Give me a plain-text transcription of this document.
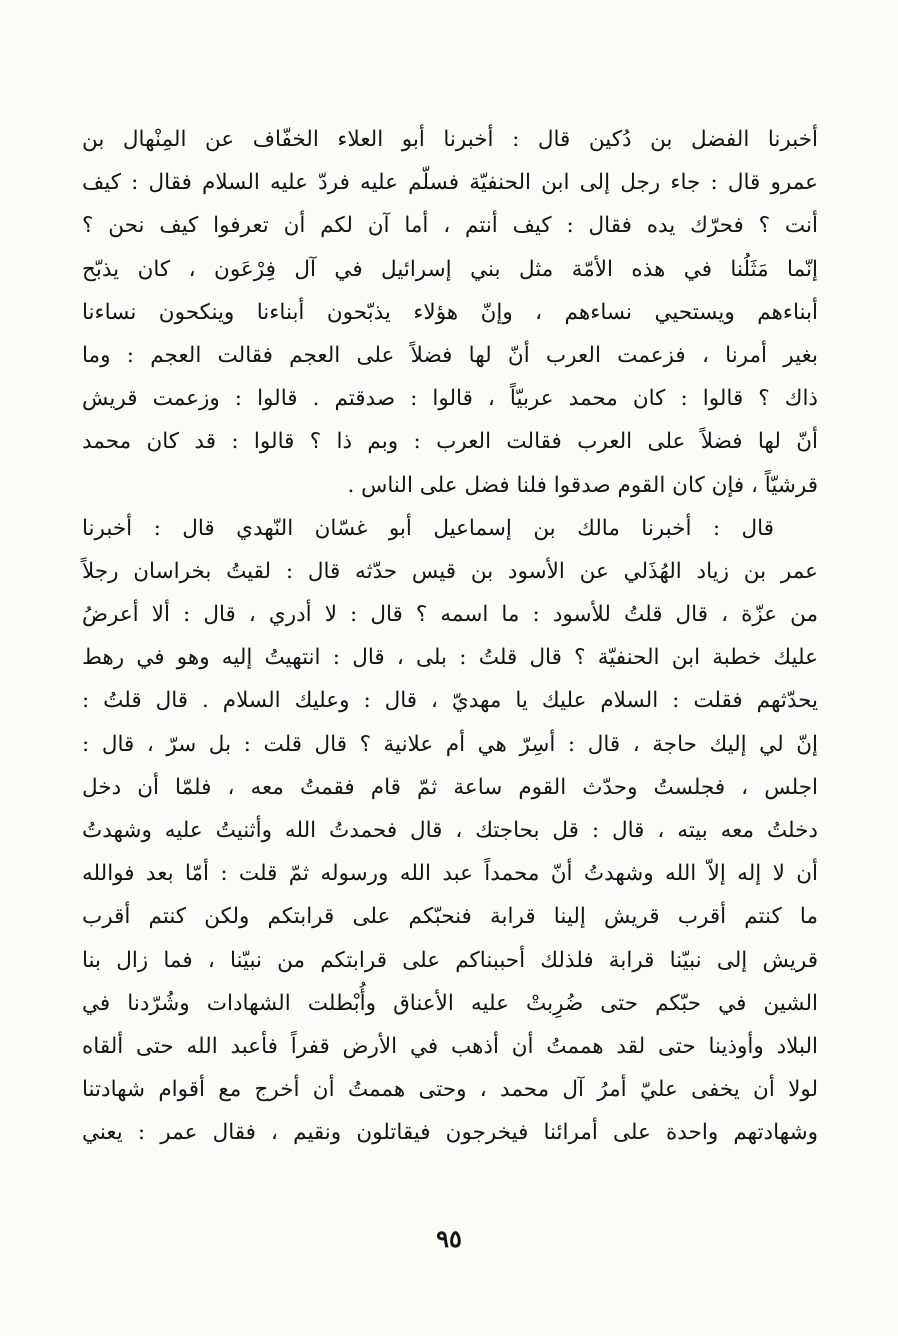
أخبرنا الفضل بن دُكين قال : أخبرنا أبو العلاء الخفّاف عن المِنْهال بن
عمرو قال : جاء رجل إلى ابن الحنفيّة فسلّم عليه فردّ عليه السلام فقال : كيف
أنت ؟ فحرّك يده فقال : كيف أنتم ، أما آن لكم أن تعرفوا كيف نحن ؟
إنّما مَثَلُنا في هذه الأمّة مثل بني إسرائيل في آل فِرْعَون ، كان يذبّح
أبناءهم ويستحيي نساءهم ، وإنّ هؤلاء يذبّحون أبناءنا وينكحون نساءنا
بغير أمرنا ، فزعمت العرب أنّ لها فضلاً على العجم فقالت العجم : وما
ذاك ؟ قالوا : كان محمد عربيّاً ، قالوا : صدقتم . قالوا : وزعمت قريش
أنّ لها فضلاً على العرب فقالت العرب : وبم ذا ؟ قالوا : قد كان محمد
قرشيّاً ، فإن كان القوم صدقوا فلنا فضل على الناس .
قال : أخبرنا مالك بن إسماعيل أبو غسّان النّهدي قال : أخبرنا
عمر بن زياد الهُذَلي عن الأسود بن قيس حدّثه قال : لقيتُ بخراسان رجلاً
من عزّة ، قال قلتُ للأسود : ما اسمه ؟ قال : لا أدري ، قال : ألا أعرضُ
عليك خطبة ابن الحنفيّة ؟ قال قلتُ : بلى ، قال : انتهيتُ إليه وهو في رهط
يحدّثهم فقلت : السلام عليك يا مهديّ ، قال : وعليك السلام . قال قلتُ :
إنّ لي إليك حاجة ، قال : أسِرّ هي أم علانية ؟ قال قلت : بل سرّ ، قال :
اجلس ، فجلستُ وحدّث القوم ساعة ثمّ قام فقمتُ معه ، فلمّا أن دخل
دخلتُ معه بيته ، قال : قل بحاجتك ، قال فحمدتُ الله وأثنيتُ عليه وشهدتُ
أن لا إله إلاّ الله وشهدتُ أنّ محمداً عبد الله ورسوله ثمّ قلت : أمّا بعد فوالله
ما كنتم أقرب قريش إلينا قرابة فنحبّكم على قرابتكم ولكن كنتم أقرب
قريش إلى نبيّنا قرابة فلذلك أحببناكم على قرابتكم من نبيّنا ، فما زال بنا
الشين في حبّكم حتى ضُرِبتْ عليه الأعناق وأُبْطلت الشهادات وشُرّدنا في
البلاد وأوذينا حتى لقد هممتُ أن أذهب في الأرض قفراً فأعبد الله حتى ألقاه
لولا أن يخفى عليّ أمرُ آل محمد ، وحتى هممتُ أن أخرج مع أقوام شهادتنا
وشهادتهم واحدة على أمرائنا فيخرجون فيقاتلون ونقيم ، فقال عمر : يعني
٩٥
